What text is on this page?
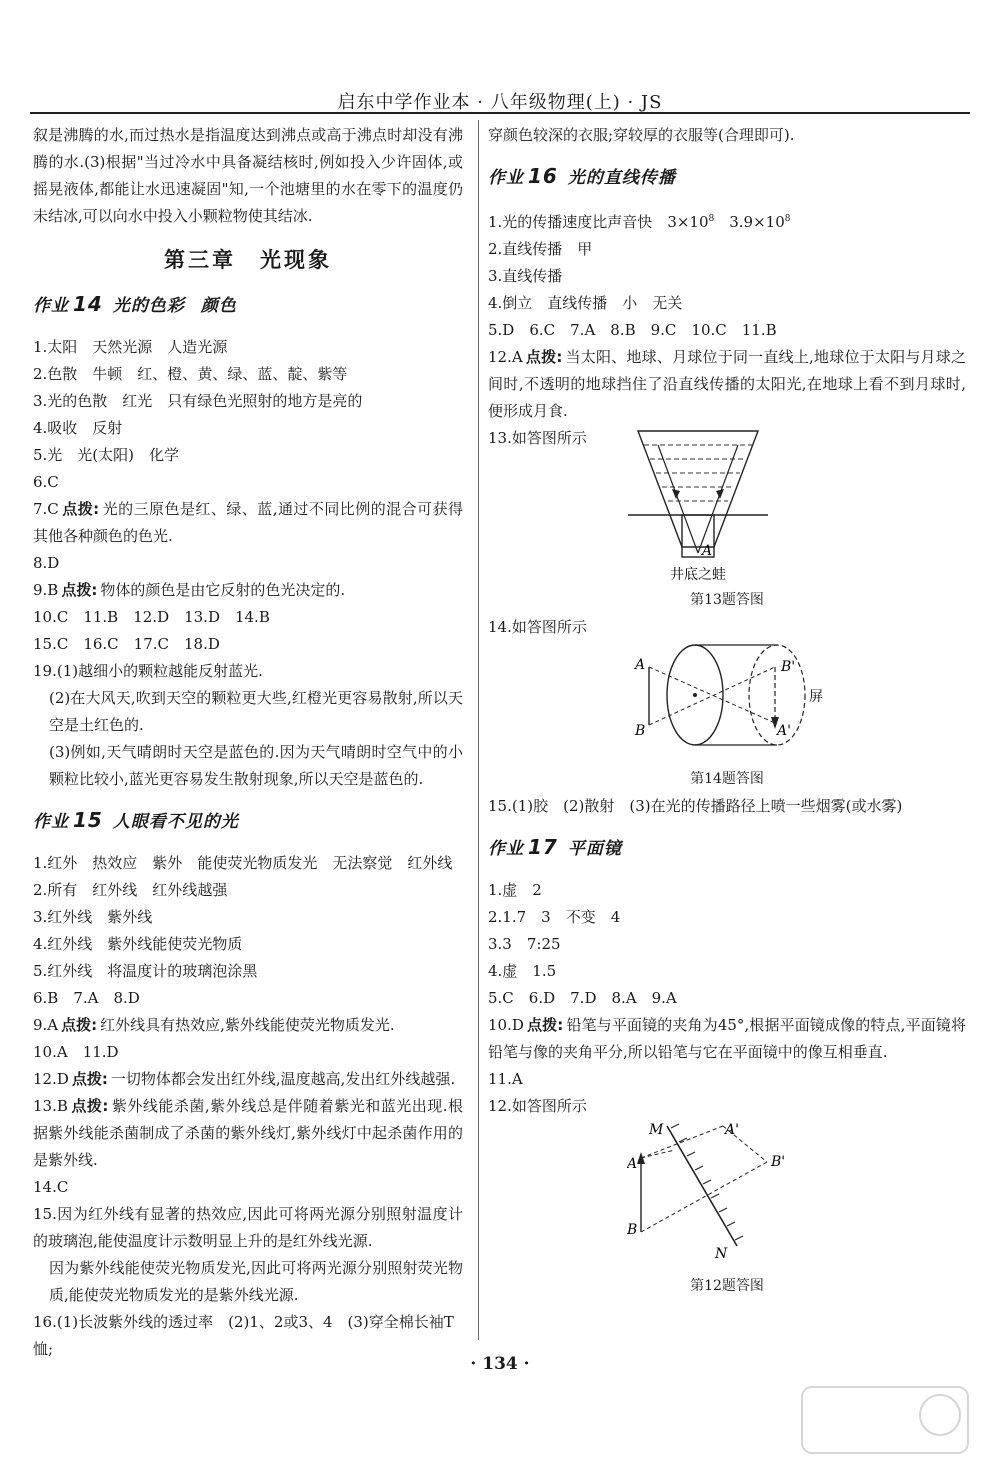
启东中学作业本 · 八年级物理(上) · JS

叙是沸腾的水,而过热水是指温度达到沸点或高于沸点时却没有沸腾的水.(3)根据"当过冷水中具备凝结核时,例如投入少许固体,或摇晃液体,都能让水迅速凝固"知,一个池塘里的水在零下的温度仍未结冰,可以向水中投入小颗粒物使其结冰.

第三章　光现象
作业 14 光的色彩 颜色

1.太阳　天然光源　人造光源

2.色散　牛顿　红、橙、黄、绿、蓝、靛、紫等

3.光的色散　红光　只有绿色光照射的地方是亮的

4.吸收　反射

5.光　光(太阳)　化学

6.C

7.C 点拨: 光的三原色是红、绿、蓝,通过不同比例的混合可获得其他各种颜色的色光.

8.D

9.B 点拨: 物体的颜色是由它反射的色光决定的.

10.C　11.B　12.D　13.D　14.B

15.C　16.C　17.C　18.D

19.(1)越细小的颗粒越能反射蓝光.

(2)在大风天,吹到天空的颗粒更大些,红橙光更容易散射,所以天空是土红色的.

(3)例如,天气晴朗时天空是蓝色的.因为天气晴朗时空气中的小颗粒比较小,蓝光更容易发生散射现象,所以天空是蓝色的.

作业 15 人眼看不见的光

1.红外　热效应　紫外　能使荧光物质发光　无法察觉　红外线

2.所有　红外线　红外线越强

3.红外线　紫外线

4.红外线　紫外线能使荧光物质

5.红外线　将温度计的玻璃泡涂黑

6.B　7.A　8.D

9.A 点拨: 红外线具有热效应,紫外线能使荧光物质发光.

10.A　11.D

12.D 点拨: 一切物体都会发出红外线,温度越高,发出红外线越强.

13.B 点拨: 紫外线能杀菌,紫外线总是伴随着紫光和蓝光出现.根据紫外线能杀菌制成了杀菌的紫外线灯,紫外线灯中起杀菌作用的是紫外线.

14.C

15.因为红外线有显著的热效应,因此可将两光源分别照射温度计的玻璃泡,能使温度计示数明显上升的是红外线光源.

因为紫外线能使荧光物质发光,因此可将两光源分别照射荧光物质,能使荧光物质发光的是紫外线光源.

16.(1)长波紫外线的透过率　(2)1、2或3、4　(3)穿全棉长袖T恤;

穿颜色较深的衣服;穿较厚的衣服等(合理即可).

作业 16 光的直线传播

1.光的传播速度比声音快　$3\times 10^8$　$3.9\times 10^8$

2.直线传播　甲

3.直线传播

4.倒立　直线传播　小　无关

5.D　6.C　7.A　8.B　9.C　10.C　11.B

12.A 点拨: 当太阳、地球、月球位于同一直线上,地球位于太阳与月球之间时,不透明的地球挡住了沿直线传播的太阳光,在地球上看不到月球时,便形成月食.

13.如答图所示

A
井底之蛙
第13题答图

14.如答图所示

A
B
B'
A'
屏
第14题答图

15.(1)胶　(2)散射　(3)在光的传播路径上喷一些烟雾(或水雾)

作业 17 平面镜

1.虚　2

2.1.7　3　不变　4

3.3　7:25

4.虚　1.5

5.C　6.D　7.D　8.A　9.A

10.D 点拨: 铅笔与平面镜的夹角为45°,根据平面镜成像的特点,平面镜将铅笔与像的夹角平分,所以铅笔与它在平面镜中的像互相垂直.

11.A

12.如答图所示

M
A
B
A'
B'
N
第12题答图
· 134 ·
